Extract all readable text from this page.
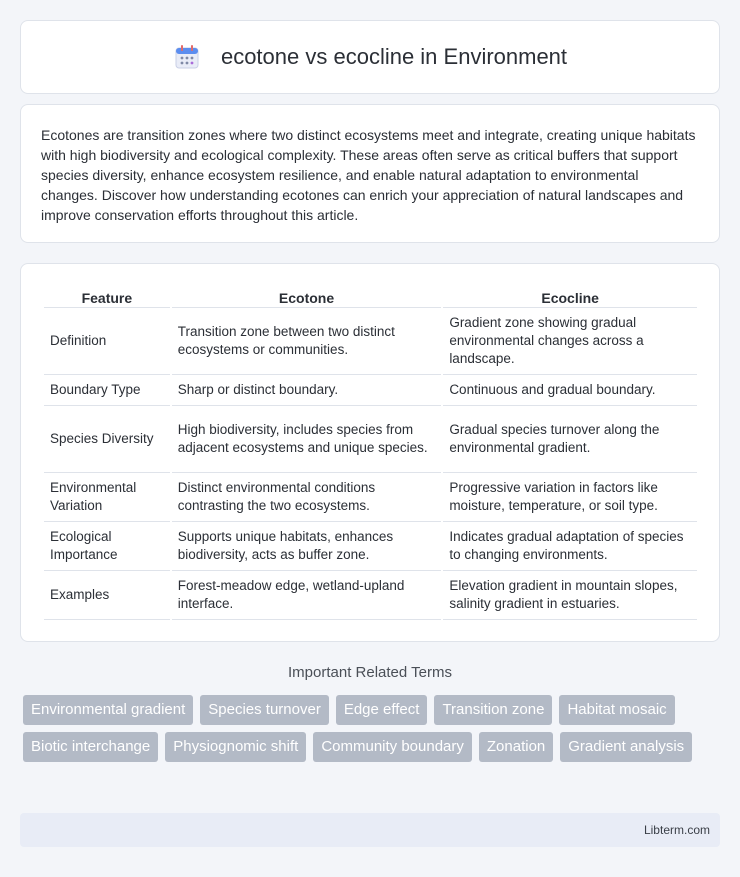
ecotone vs ecocline in Environment

Ecotones are transition zones where two distinct ecosystems meet and integrate, creating unique habitats with high biodiversity and ecological complexity. These areas often serve as critical buffers that support species diversity, enhance ecosystem resilience, and enable natural adaptation to environmental changes. Discover how understanding ecotones can enrich your appreciation of natural landscapes and improve conservation efforts throughout this article.

Feature	Ecotone	Ecocline
Definition	Transition zone between two distinct ecosystems or communities.	Gradient zone showing gradual environmental changes across a landscape.
Boundary Type	Sharp or distinct boundary.	Continuous and gradual boundary.
Species Diversity	High biodiversity, includes species from adjacent ecosystems and unique species.	Gradual species turnover along the environmental gradient.
Environmental Variation	Distinct environmental conditions contrasting the two ecosystems.	Progressive variation in factors like moisture, temperature, or soil type.
Ecological Importance	Supports unique habitats, enhances biodiversity, acts as buffer zone.	Indicates gradual adaptation of species to changing environments.
Examples	Forest-meadow edge, wetland-upland interface.	Elevation gradient in mountain slopes, salinity gradient in estuaries.
Important Related Terms
Environmental gradient	Species turnover	Edge effect	Transition zone	Habitat mosaic
Biotic interchange	Physiognomic shift	Community boundary	Zonation	Gradient analysis
Libterm.com
